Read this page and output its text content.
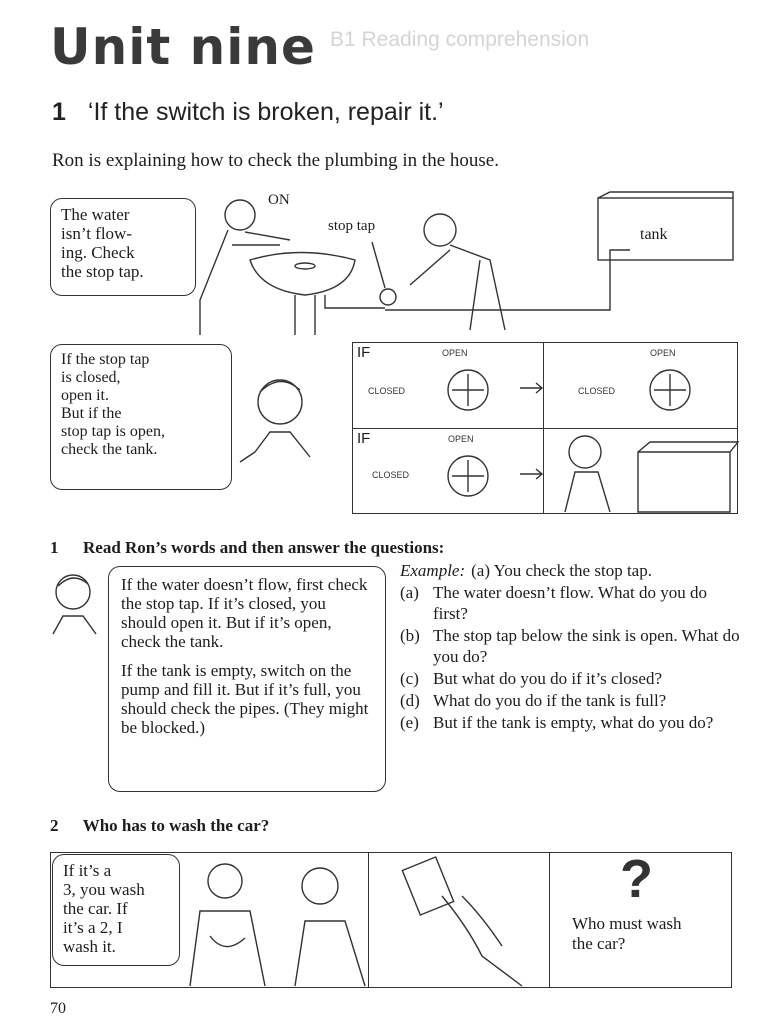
B1 Reading comprehension
Unit nine
1 ‘If the switch is broken, repair it.’
Ron is explaining how to check the plumbing in the house.
The water
isn’t flow-
ing. Check
the stop tap.
ON
stop tap	tank
If the stop tap
is closed,
open it.
But if the
stop tap is open,
check the tank.
IF
IF
OPEN
CLOSED
OPEN
CLOSED
OPEN
CLOSED
1 Read Ron’s words and then answer the questions:

If the water doesn’t flow, first check the stop tap. If it’s closed, you should open it. But if it’s open, check the tank.

If the tank is empty, switch on the pump and fill it. But if it’s full, you should check the pipes. (They might be blocked.)

Example: (a) You check the stop tap.
(a) The water doesn’t flow. What do you do first?
(b) The stop tap below the sink is open. What do you do?
(c) But what do you do if it’s closed?
(d) What do you do if the tank is full?
(e) But if the tank is empty, what do you do?
2 Who has to wash the car?
If it’s a
3, you wash
the car. If
it’s a 2, I
wash it.
?
Who must wash
the car?
70
